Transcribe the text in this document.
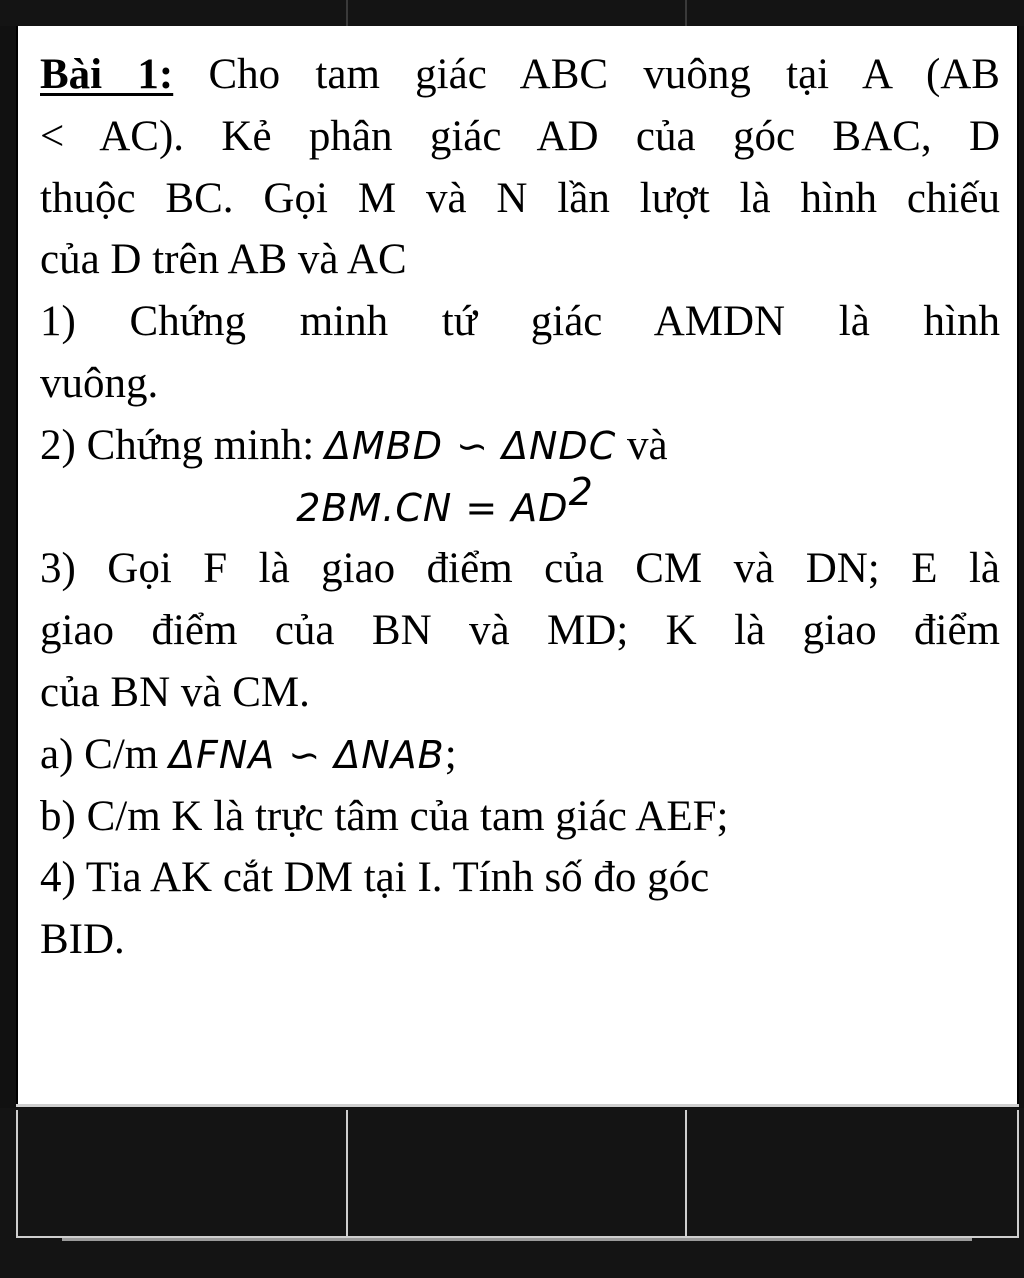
Bài 1: Cho tam giác ABC vuông tại A (AB
< AC). Kẻ phân giác AD của góc BAC, D
thuộc BC. Gọi M và N lần lượt là hình chiếu
của D trên AB và AC
1) Chứng minh tứ giác AMDN là hình
vuông.
2) Chứng minh: ΔMBD ∽ ΔNDC và
$2BM.CN = AD^2$
3) Gọi F là giao điểm của CM và DN; E là
giao điểm của BN và MD; K là giao điểm
của BN và CM.
a) C/m ΔFNA ∽ ΔNAB;
b) C/m K là trực tâm của tam giác AEF;
4) Tia AK cắt DM tại I. Tính số đo góc
BID.
